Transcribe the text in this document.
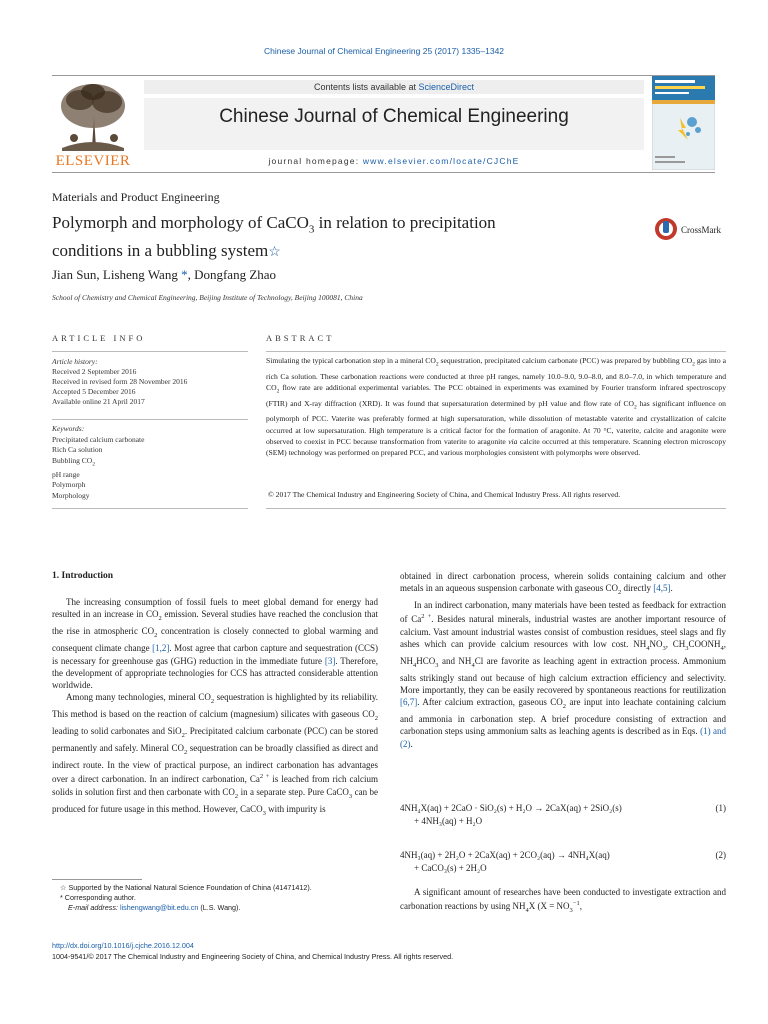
Chinese Journal of Chemical Engineering 25 (2017) 1335–1342
ELSEVIER
Contents lists available at ScienceDirect
Chinese Journal of Chemical Engineering
journal homepage: www.elsevier.com/locate/CJChE
Materials and Product Engineering
Polymorph and morphology of CaCO$_3$ in relation to precipitation
conditions in a bubbling system☆
CrossMark
Jian Sun, Lisheng Wang *, Dongfang Zhao
School of Chemistry and Chemical Engineering, Beijing Institute of Technology, Beijing 100081, China
ARTICLE INFO	ABSTRACT
Article history:
Received 2 September 2016
Received in revised form 28 November 2016
Accepted 5 December 2016
Available online 21 April 2017
Keywords:
Precipitated calcium carbonate
Rich Ca solution
Bubbling $CO_2$
pH range
Polymorph
Morphology
Simulating the typical carbonation step in a mineral $CO_2$ sequestration, precipitated calcium carbonate (PCC) was prepared by bubbling $CO_2$ gas into a rich Ca solution. These carbonation reactions were conducted at three pH ranges, namely 10.0–9.0, 9.0–8.0, and 8.0–7.0, in which temperature and $CO_2$ flow rate are additional experimental variables. The PCC obtained in experiments was examined by Fourier transform infrared spectroscopy (FTIR) and X-ray diffraction (XRD). It was found that supersaturation determined by pH value and flow rate of $CO_2$ has significant influence on polymorph of PCC. Vaterite was preferably formed at high supersaturation, while dissolution of metastable vaterite and crystallization of calcite occurred at low supersaturation. High temperature is a critical factor for the formation of aragonite. At 70 °C, vaterite, calcite and aragonite were observed to coexist in PCC because transformation from vaterite to aragonite via calcite occurred at this temperature. Scanning electron microscopy (SEM) technology was performed on prepared PCC, and various morphologies consistent with polymorphs were observed.
© 2017 The Chemical Industry and Engineering Society of China, and Chemical Industry Press. All rights reserved.
1. Introduction

The increasing consumption of fossil fuels to meet global demand for energy had resulted in an increase in $CO_2$ emission. Several studies have reached the conclusion that the rise in atmospheric $CO_2$ concentration is closely connected to global warming and consequent climate change [1,2]. Most agree that carbon capture and sequestration (CCS) is necessary for greenhouse gas (GHG) reduction in the immediate future [3]. Therefore, the development of appropriate technologies for CCS has attracted considerable attention worldwide.

Among many technologies, mineral $CO_2$ sequestration is highlighted by its reliability. This method is based on the reaction of calcium (magnesium) silicates with gaseous $CO_2$ leading to solid carbonates and SiO$_2$. Precipitated calcium carbonate (PCC) can be stored permanently and safely. Mineral $CO_2$ sequestration can be broadly classified as direct and indirect route. In the view of practical purpose, an indirect carbonation has advantages over a direct carbonation. In an indirect carbonation, $Ca^{2 +}$ is leached from rich calcium solids in solution first and then carbonate with $CO_2$ in a separate step. Pure CaCO$_3$ can be produced for future usage in this method. However, CaCO$_3$ with impurity is

obtained in direct carbonation process, wherein solids containing calcium and other metals in an aqueous suspension carbonate with gaseous $CO_2$ directly [4,5].

In an indirect carbonation, many materials have been tested as feedback for extraction of $Ca^{2 +}$. Besides natural minerals, industrial wastes are another important resource of calcium. Vast amount industrial wastes consist of combustion residues, steel slags and fly ashes which can provide calcium resources with low cost. $NH_4NO_3$, $CH_3COONH_4$, $NH_4HCO_3$ and $NH_4Cl$ are favorite as leaching agent in extraction process. Ammonium salts strikingly stand out because of high calcium extraction efficiency and selectivity. More importantly, they can be easily recovered by spontaneous reactions for reutilization [6,7]. After calcium extraction, gaseous $CO_2$ are input into leachate containing calcium and ammonia in carbonation step. A brief procedure consisting of extraction and carbonation steps using ammonium salts as leaching agents is described as in Eqs. (1) and (2).

4NH₄X(aq) + 2CaO · SiO₂(s) + H₂O → 2CaX(aq) + 2SiO₂(s)
+ 4NH₃(aq) + H₂O
(1)
4NH₃(aq) + 2H₂O + 2CaX(aq) + 2CO₂(aq) → 4NH₄X(aq)
+ CaCO₃(s) + 2H₂O
(2)

A significant amount of researches have been conducted to investigate extraction and carbonation reactions by using $NH_4X$ ($X = NO_3^{-1}$,

☆ Supported by the National Natural Science Foundation of China (41471412).
* Corresponding author.
E-mail address: lishengwang@bit.edu.cn (L.S. Wang).
http://dx.doi.org/10.1016/j.cjche.2016.12.004
1004-9541/© 2017 The Chemical Industry and Engineering Society of China, and Chemical Industry Press. All rights reserved.
